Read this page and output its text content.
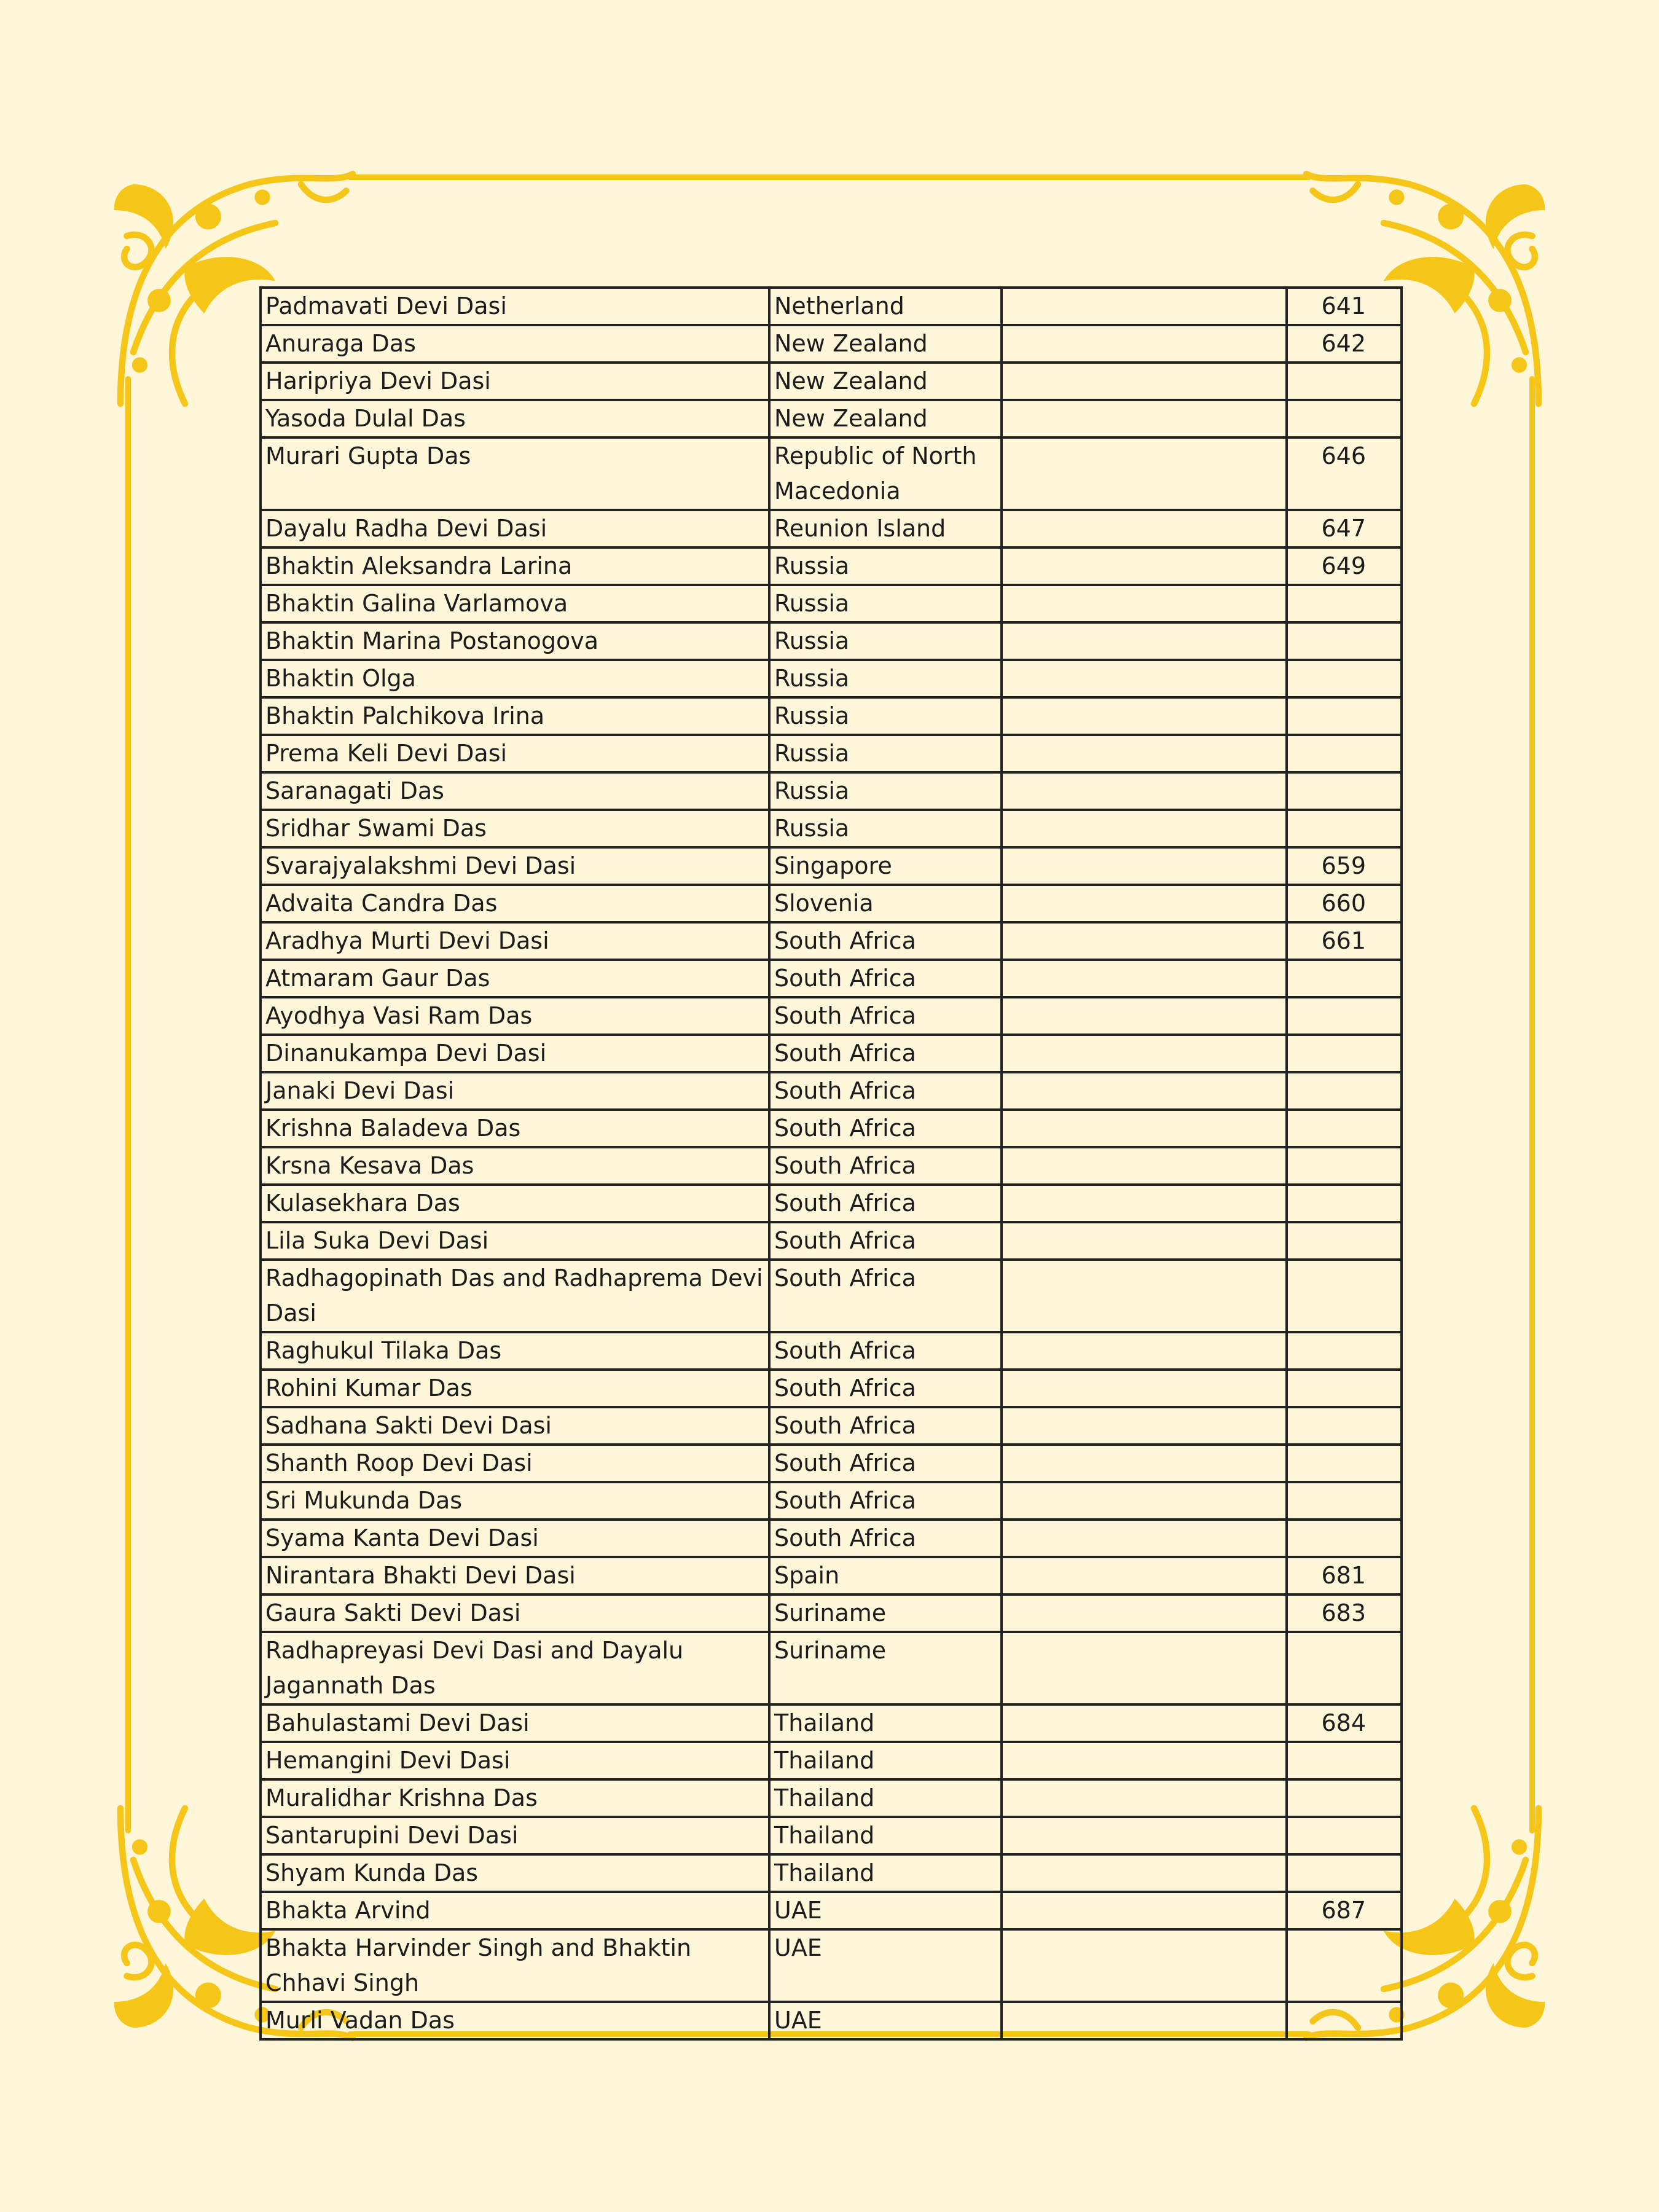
Padmavati Devi Dasi	Netherland		641
Anuraga Das	New Zealand		642
Haripriya Devi Dasi	New Zealand		
Yasoda Dulal Das	New Zealand		
Murari Gupta Das	Republic of North Macedonia		646
Dayalu Radha Devi Dasi	Reunion Island		647
Bhaktin Aleksandra Larina	Russia		649
Bhaktin Galina Varlamova	Russia		
Bhaktin Marina Postanogova	Russia		
Bhaktin Olga	Russia		
Bhaktin Palchikova Irina	Russia		
Prema Keli Devi Dasi	Russia		
Saranagati Das	Russia		
Sridhar Swami Das	Russia		
Svarajyalakshmi Devi Dasi	Singapore		659
Advaita Candra Das	Slovenia		660
Aradhya Murti Devi Dasi	South Africa		661
Atmaram Gaur Das	South Africa		
Ayodhya Vasi Ram Das	South Africa		
Dinanukampa Devi Dasi	South Africa		
Janaki Devi Dasi	South Africa		
Krishna Baladeva Das	South Africa		
Krsna Kesava Das	South Africa		
Kulasekhara Das	South Africa		
Lila Suka Devi Dasi	South Africa		
Radhagopinath Das and Radhaprema Devi Dasi	South Africa		
Raghukul Tilaka Das	South Africa		
Rohini Kumar Das	South Africa		
Sadhana Sakti Devi Dasi	South Africa		
Shanth Roop Devi Dasi	South Africa		
Sri Mukunda Das	South Africa		
Syama Kanta Devi Dasi	South Africa		
Nirantara Bhakti Devi Dasi	Spain		681
Gaura Sakti Devi Dasi	Suriname		683
Radhapreyasi Devi Dasi and Dayalu Jagannath Das	Suriname		
Bahulastami Devi Dasi	Thailand		684
Hemangini Devi Dasi	Thailand		
Muralidhar Krishna Das	Thailand		
Santarupini Devi Dasi	Thailand		
Shyam Kunda Das	Thailand		
Bhakta Arvind	UAE		687
Bhakta Harvinder Singh and Bhaktin Chhavi Singh	UAE		
Murli Vadan Das	UAE		
